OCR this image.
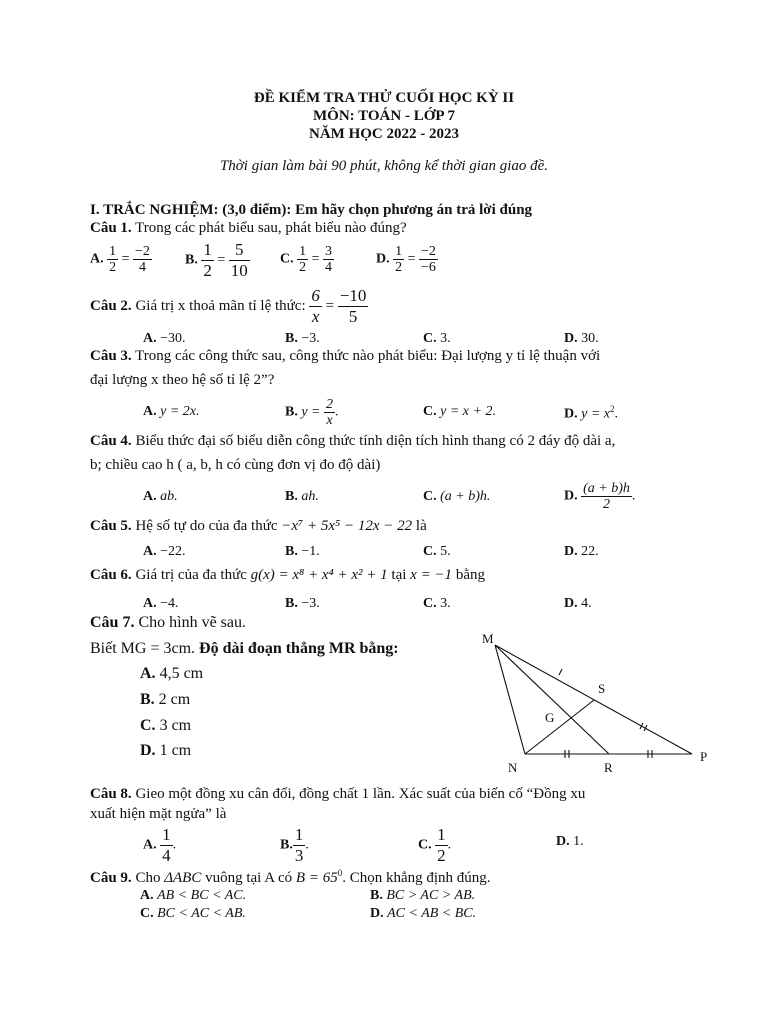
ĐỀ KIỂM TRA THỬ CUỐI HỌC KỲ II
MÔN: TOÁN - LỚP 7
NĂM HỌC 2022 - 2023
Thời gian làm bài 90 phút, không kể thời gian giao đề.
I. TRẮC NGHIỆM: (3,0 điểm): Em hãy chọn phương án trả lời đúng
Câu 1. Trong các phát biểu sau, phát biểu nào đúng?
A. $\frac{1}{2} = \frac{-2}{4} B$. $\frac{1}{2} = \frac{5}{10} C$. $\frac{1}{2} = \frac{3}{4}$	D. $\frac{1}{2} = \frac{-2}{-6}$
Câu 2. Giá trị x thoả mãn tỉ lệ thức: $\frac{6}{x} = \frac{-10}{5}$
A. −30.	B. −3.	C. 3.	D. 30.
Câu 3. Trong các công thức sau, công thức nào phát biểu: Đại lượng y tỉ lệ thuận với
đại lượng x theo hệ số tỉ lệ 2”?
A. y = 2x.	B. $y = \frac{2}{x}$ .	C. y = x + 2.	D. $y = x^2$.
Câu 4. Biểu thức đại số biểu diễn công thức tính diện tích hình thang có 2 đáy độ dài a,
b; chiều cao h ( a, b, h có cùng đơn vị đo độ dài)
A. ab.	B. ah.	C. (a + b)h.	D. $\frac{(a + b)h}{2}$ .
Câu 5. Hệ số tự do của đa thức −x⁷ + 5x⁵ − 12x − 22 là
A. −22.	B. −1.	C. 5.	D. 22.
Câu 6. Giá trị của đa thức g(x) = x⁸ + x⁴ + x² + 1 tại x = −1 bằng
A. −4.	B. −3.	C. 3.	D. 4.
Câu 7. Cho hình vẽ sau.
Biết MG = 3cm. Độ dài đoạn thẳng MR bằng:
A. 4,5 cm
B. 2 cm
C. 3 cm
D. 1 cm
M
S
G
N	R
P
Câu 8. Gieo một đồng xu cân đối, đồng chất 1 lần. Xác suất của biến cố “Đồng xu
xuất hiện mặt ngửa” là
A. $\frac{1}{4}$ .	B. $\frac{1}{3}$ .	C. $\frac{1}{2}$ .	D. 1.
Câu 9. Cho ΔABC vuông tại A có $B = 65^0$. Chọn khẳng định đúng.
A. AB < BC < AC.	B. BC > AC > AB.
C. BC < AC < AB.	D. AC < AB < BC.
